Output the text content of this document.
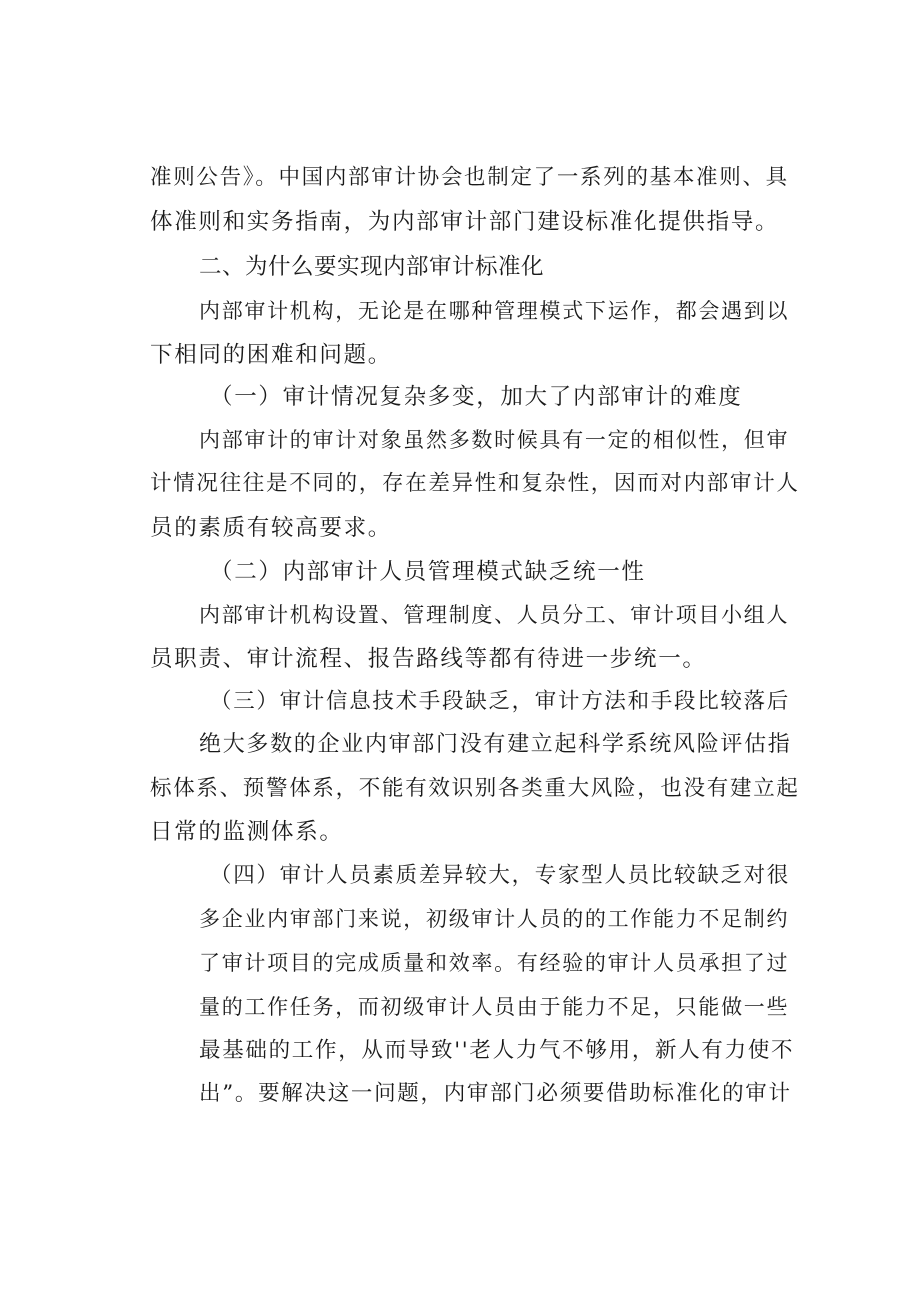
准则公告》。中国内部审计协会也制定了一系列的基本准则、具

体准则和实务指南，为内部审计部门建设标准化提供指导。

二、为什么要实现内部审计标准化

内部审计机构，无论是在哪种管理模式下运作，都会遇到以

下相同的困难和问题。

（一）审计情况复杂多变，加大了内部审计的难度

内部审计的审计对象虽然多数时候具有一定的相似性，但审

计情况往往是不同的，存在差异性和复杂性，因而对内部审计人

员的素质有较高要求。

（二）内部审计人员管理模式缺乏统一性

内部审计机构设置、管理制度、人员分工、审计项目小组人

员职责、审计流程、报告路线等都有待进一步统一。

（三）审计信息技术手段缺乏，审计方法和手段比较落后

绝大多数的企业内审部门没有建立起科学系统风险评估指

标体系、预警体系，不能有效识别各类重大风险，也没有建立起

日常的监测体系。

（四）审计人员素质差异较大，专家型人员比较缺乏对很

多企业内审部门来说，初级审计人员的的工作能力不足制约

了审计项目的完成质量和效率。有经验的审计人员承担了过

量的工作任务，而初级审计人员由于能力不足，只能做一些

最基础的工作，从而导致''老人力气不够用，新人有力使不

出”。要解决这一问题，内审部门必须要借助标准化的审计
